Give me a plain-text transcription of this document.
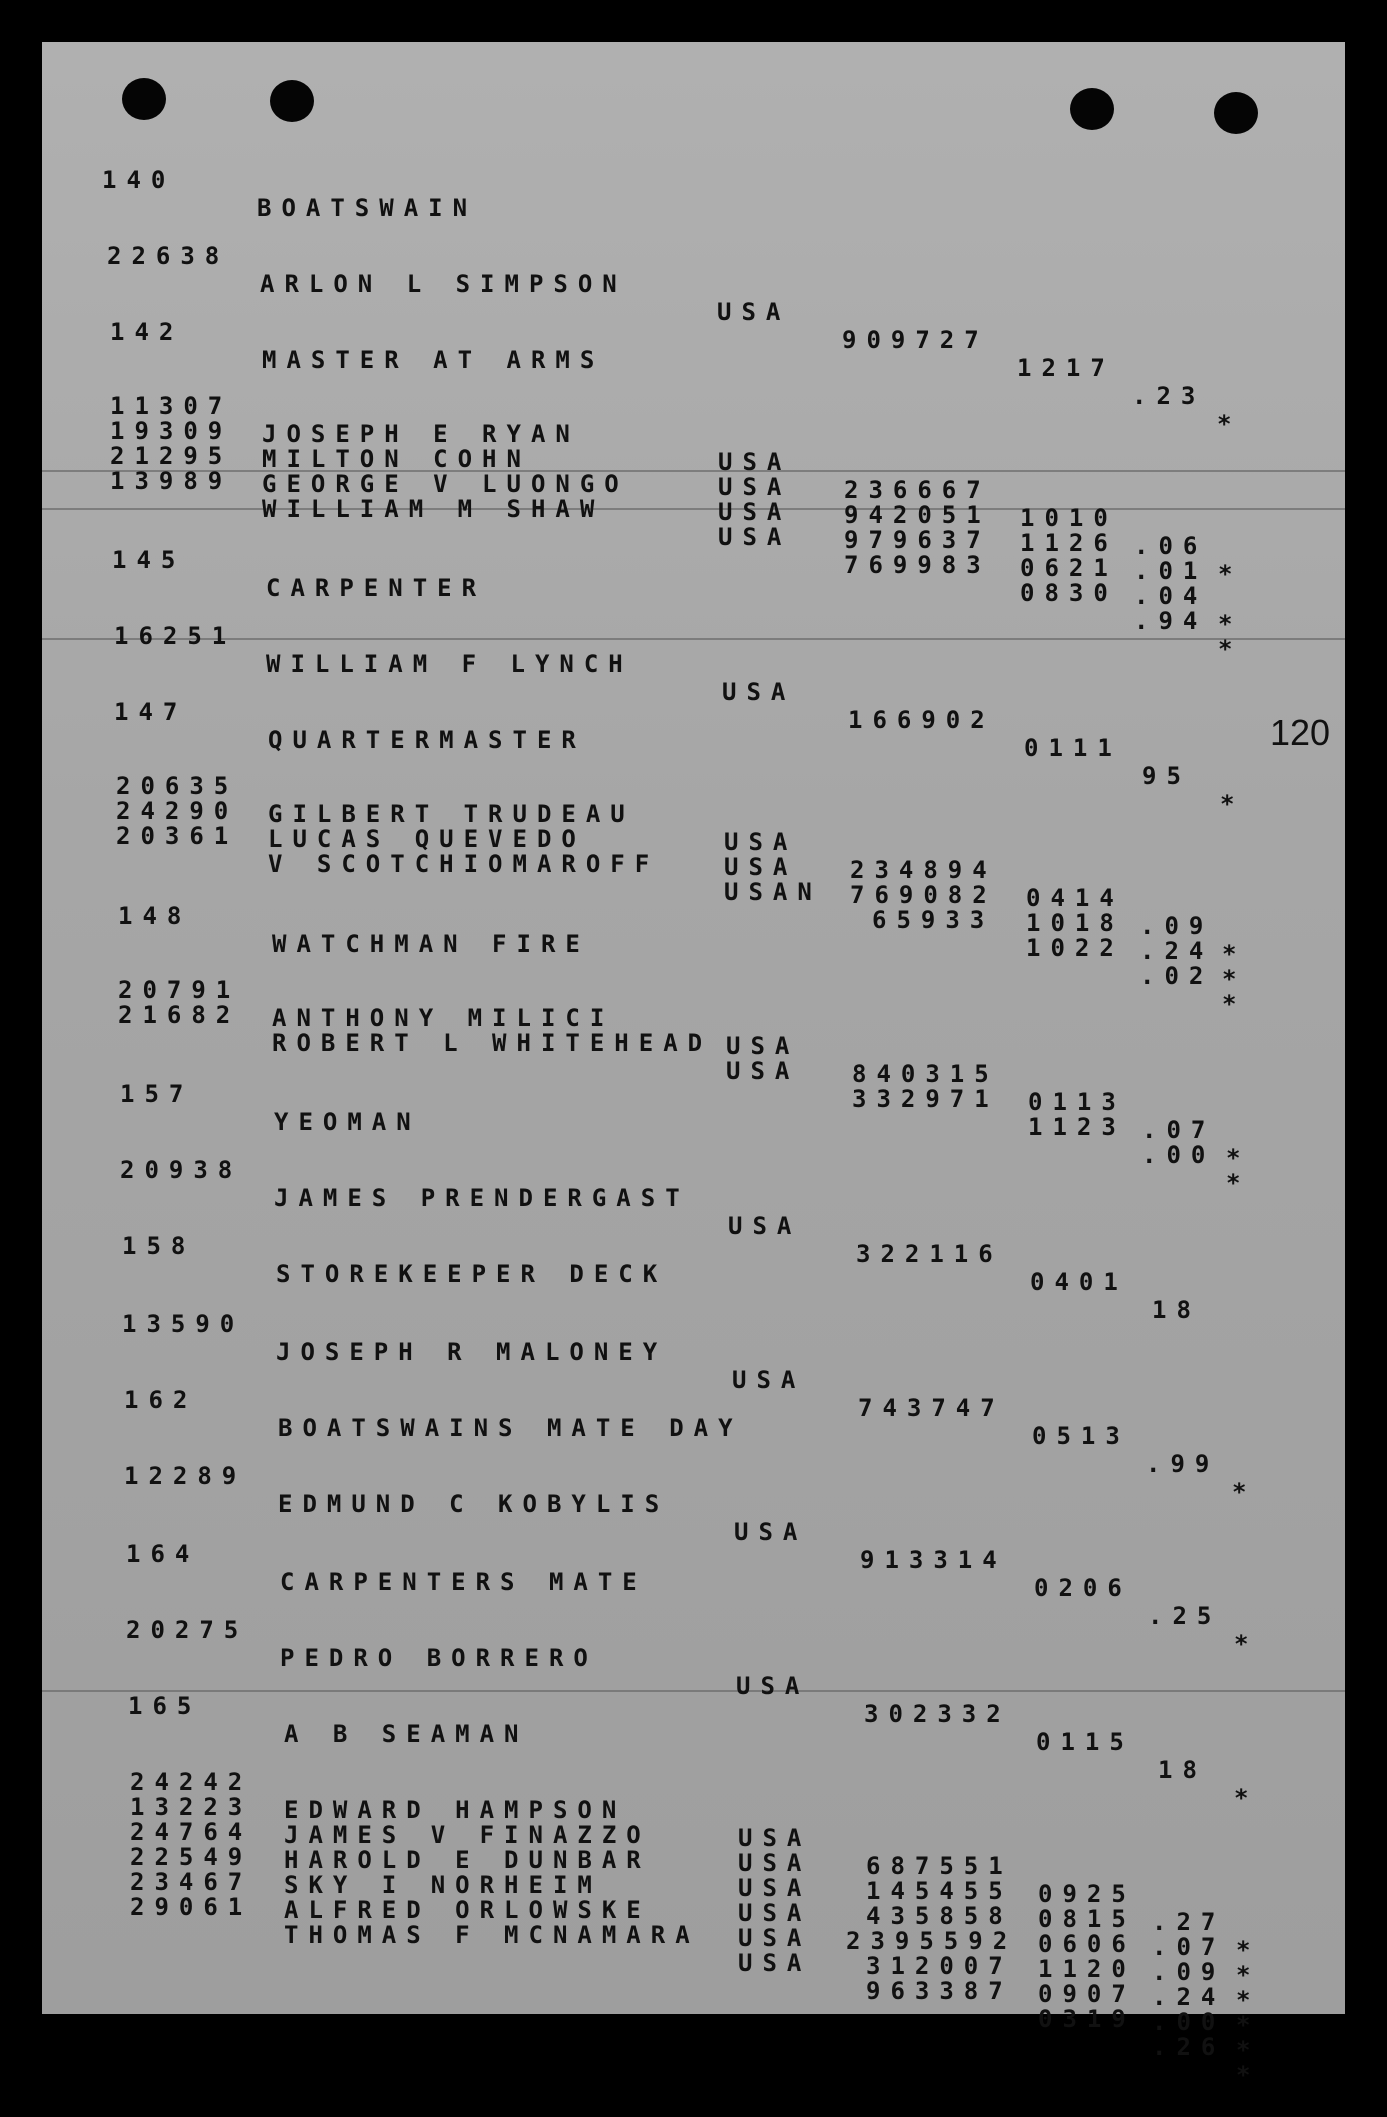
120

140

BOATSWAIN

22638

ARLON L SIMPSON

USA

909727

1217

.23

*

142

MASTER AT ARMS

11307

JOSEPH E RYAN

USA

236667

1010

.06

*

19309

MILTON COHN

USA

942051

1126

.01

21295

GEORGE V LUONGO

USA

979637

0621

.04

*

13989

WILLIAM M SHAW

USA

769983

0830

.94

*

145

CARPENTER

16251

WILLIAM F LYNCH

USA

166902

0111

95

*

147

QUARTERMASTER

20635

GILBERT TRUDEAU

USA

234894

0414

.09

*

24290

LUCAS QUEVEDO

USA

769082

1018

.24

*

20361

V SCOTCHIOMAROFF

USAN

65933

1022

.02

*

148

WATCHMAN FIRE

20791

ANTHONY MILICI

USA

840315

0113

.07

*

21682

ROBERT L WHITEHEAD

USA

332971

1123

.00

*

157

YEOMAN

20938

JAMES PRENDERGAST

USA

322116

0401

18

158

STOREKEEPER DECK

13590

JOSEPH R MALONEY

USA

743747

0513

.99

*

162

BOATSWAINS MATE DAY

12289

EDMUND C KOBYLIS

USA

913314

0206

.25

*

164

CARPENTERS MATE

20275

PEDRO BORRERO

USA

302332

0115

18

*

165

A B SEAMAN

24242

EDWARD HAMPSON

USA

687551

0925

.27

*

13223

JAMES V FINAZZO

USA

145455

0815

.07

*

24764

HAROLD E DUNBAR

USA

435858

0606

.09

*

22549

SKY I NORHEIM

USA

2395592

1120

.24

*

23467

ALFRED ORLOWSKE

USA

312007

0907

.00

*

29061

THOMAS F MCNAMARA

USA

963387

0319

.26

*
